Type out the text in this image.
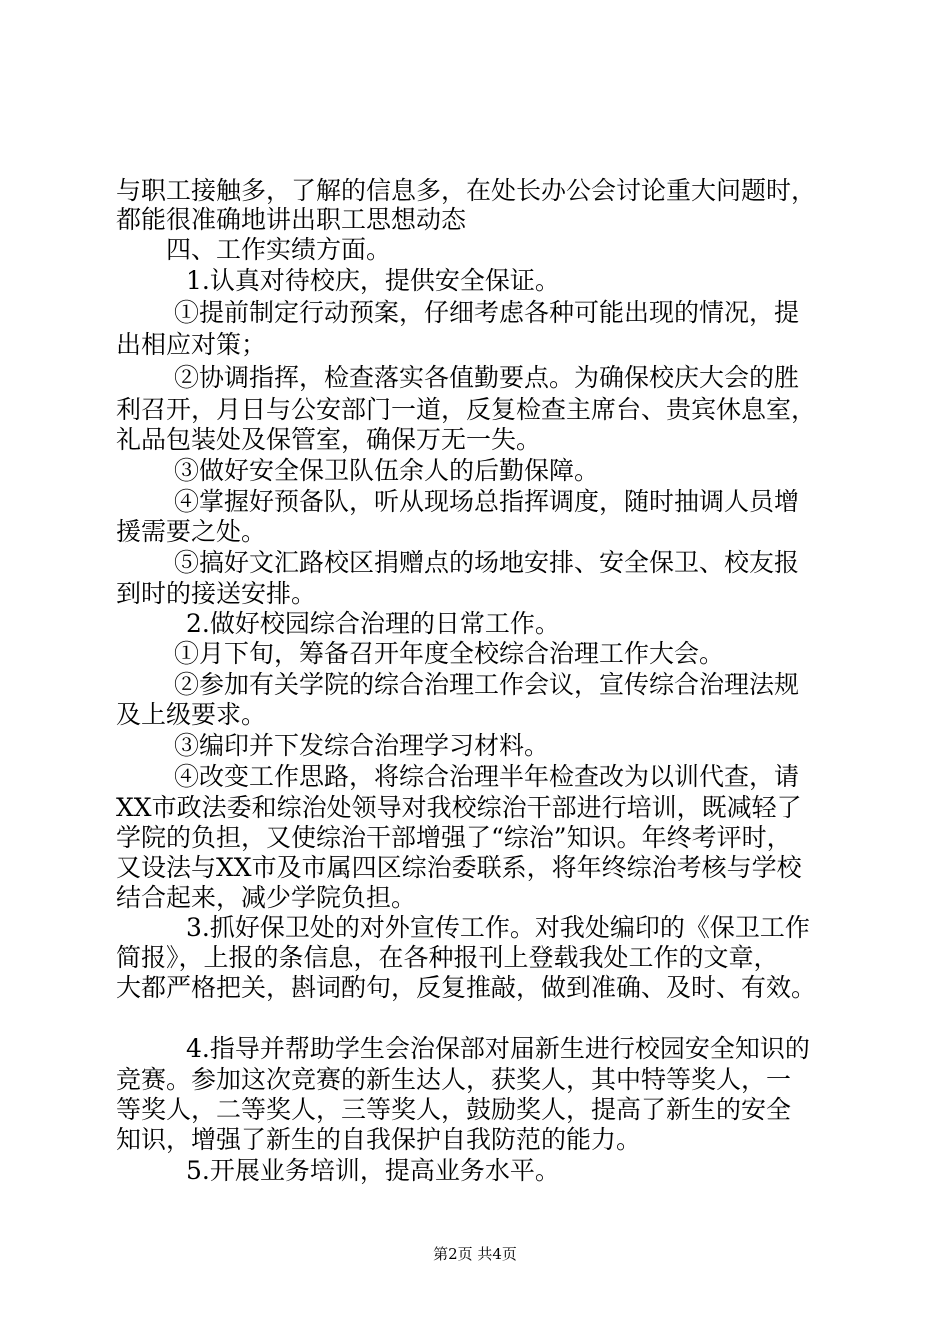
与职工接触多，了解的信息多，在处长办公会讨论重大问题时，
都能很准确地讲出职工思想动态
四、工作实绩方面。
1.认真对待校庆，提供安全保证。
①提前制定行动预案，仔细考虑各种可能出现的情况，提
出相应对策；
②协调指挥，检查落实各值勤要点。为确保校庆大会的胜
利召开，月日与公安部门一道，反复检查主席台、贵宾休息室，
礼品包装处及保管室，确保万无一失。
③做好安全保卫队伍余人的后勤保障。
④掌握好预备队，听从现场总指挥调度，随时抽调人员增
援需要之处。
⑤搞好文汇路校区捐赠点的场地安排、安全保卫、校友报
到时的接送安排。
2.做好校园综合治理的日常工作。
①月下旬，筹备召开年度全校综合治理工作大会。
②参加有关学院的综合治理工作会议，宣传综合治理法规
及上级要求。
③编印并下发综合治理学习材料。
④改变工作思路，将综合治理半年检查改为以训代查，请
XX市政法委和综治处领导对我校综治干部进行培训，既减轻了
学院的负担，又使综治干部增强了“综治”知识。年终考评时，
又设法与XX市及市属四区综治委联系，将年终综治考核与学校
结合起来，减少学院负担。
3.抓好保卫处的对外宣传工作。对我处编印的《保卫工作
简报》，上报的条信息，在各种报刊上登载我处工作的文章，
大都严格把关，斟词酌句，反复推敲，做到准确、及时、有效。
4.指导并帮助学生会治保部对届新生进行校园安全知识的
竞赛。参加这次竞赛的新生达人，获奖人，其中特等奖人，一
等奖人，二等奖人，三等奖人，鼓励奖人，提高了新生的安全
知识，增强了新生的自我保护自我防范的能力。
5.开展业务培训，提高业务水平。
第2页 共4页
